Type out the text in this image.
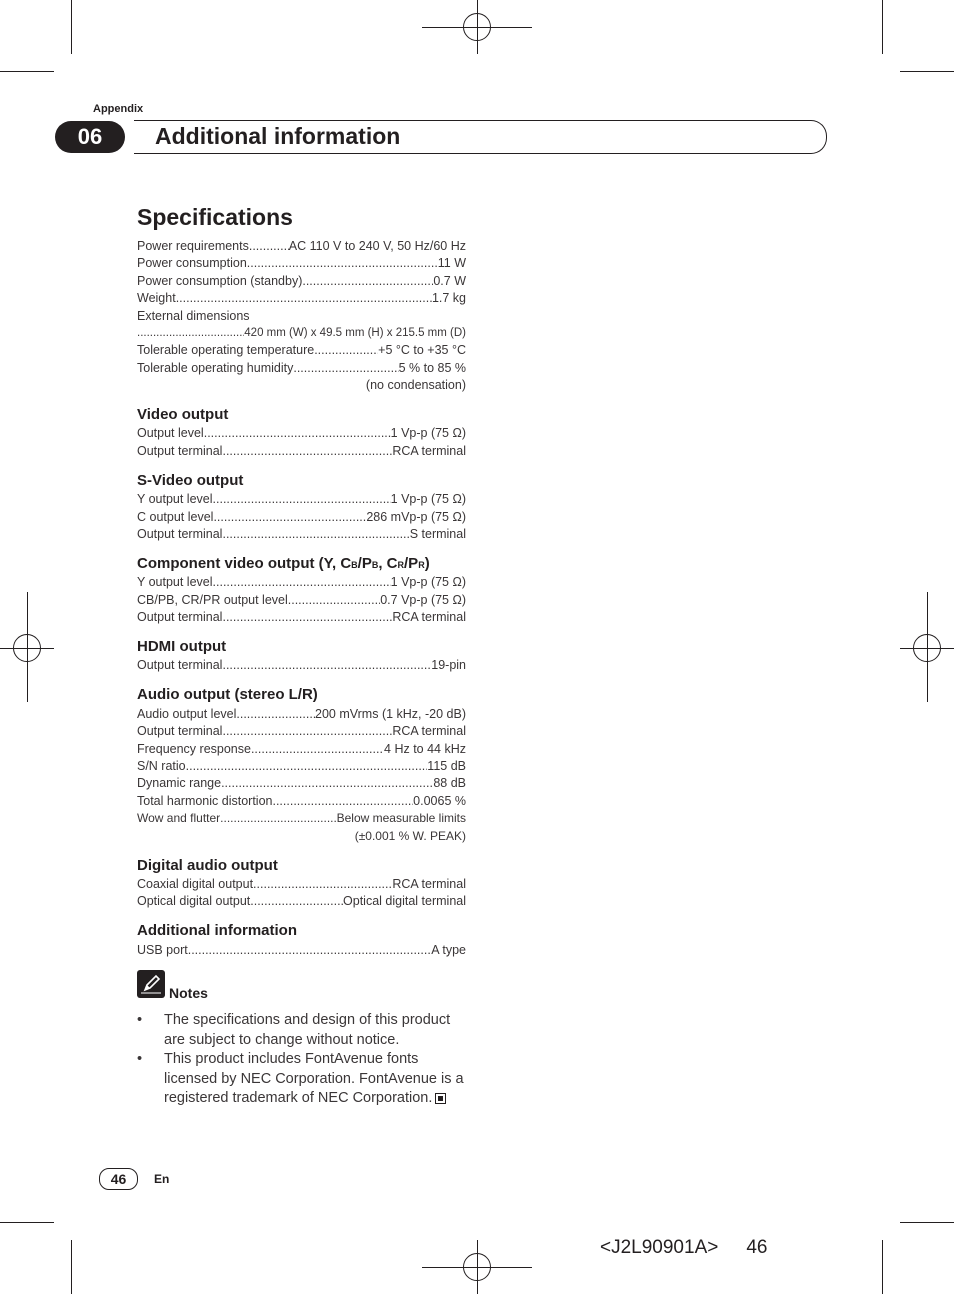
Appendix
06	Additional information
Specifications
Power requirements .....	AC 110 V to 240 V, 50 Hz/60 Hz
Power consumption .....	11 W
Power consumption (standby) .....	0.7 W
Weight .....	1.7 kg
External dimensions
.....
420 mm (W) x 49.5 mm (H) x 215.5 mm (D)
Tolerable operating temperature .....	+5 °C to +35 °C
Tolerable operating humidity .....	5 % to 85 %
(no condensation)
Video output
Output level .....	1 Vp-p (75 Ω)
Output terminal .....	RCA terminal
S-Video output
Y output level .....	1 Vp-p (75 Ω)
C output level .....	286 mVp-p (75 Ω)
Output terminal .....	S terminal
Component video output (Y, CB/PB, CR/PR)
Y output level .....	1 Vp-p (75 Ω)
CB/PB, CR/PR output level .....	0.7 Vp-p (75 Ω)
Output terminal .....	RCA terminal
HDMI output
Output terminal .....	19-pin
Audio output (stereo L/R)
Audio output level .....	200 mVrms (1 kHz, -20 dB)
Output terminal .....	RCA terminal
Frequency response .....	4 Hz to 44 kHz
S/N ratio .....	115 dB
Dynamic range .....	88 dB
Total harmonic distortion .....	0.0065 %
Wow and flutter .....	Below measurable limits
(±0.001 % W. PEAK)
Digital audio output
Coaxial digital output .....	RCA terminal
Optical digital output .....	Optical digital terminal
Additional information
USB port .....	A type
Notes
• The specifications and design of this product are subject to change without notice.
• This product includes FontAvenue fonts licensed by NEC Corporation. FontAvenue is a registered trademark of NEC Corporation.
46	En
<J2L90901A> 46
